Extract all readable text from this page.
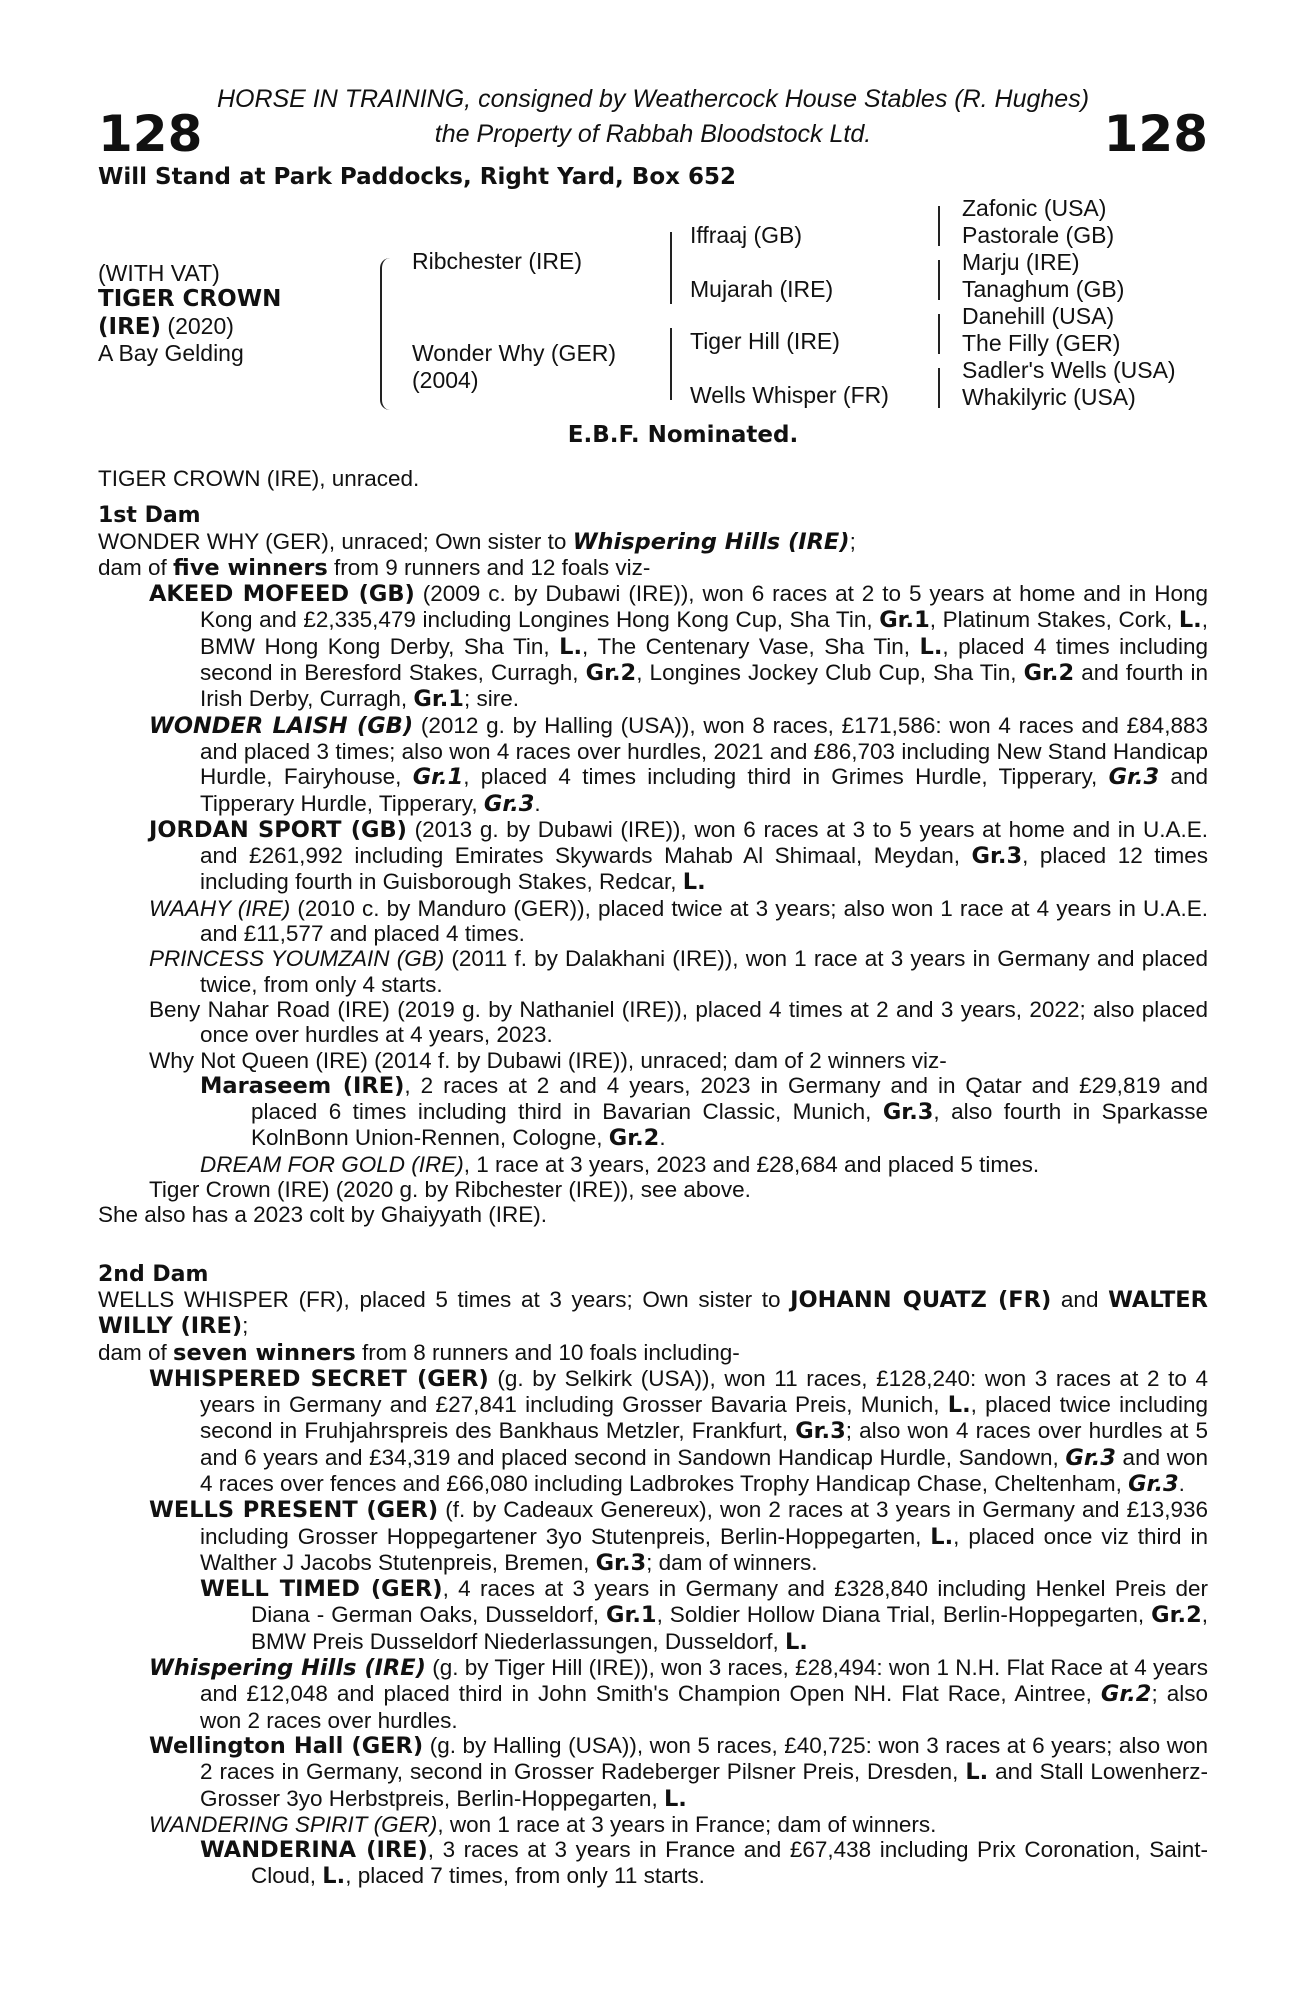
HORSE IN TRAINING, consigned by Weathercock House Stables (R. Hughes)
128	the Property of Rabbah Bloodstock Ltd.	128
Will Stand at Park Paddocks, Right Yard, Box 652
(WITH VAT)
TIGER CROWN
(IRE) (2020)
A Bay Gelding
Ribchester (IRE)
Wonder Why (GER)
(2004)
Iffraaj (GB)
Mujarah (IRE)
Tiger Hill (IRE)
Wells Whisper (FR)
Zafonic (USA)
Pastorale (GB)
Marju (IRE)
Tanaghum (GB)
Danehill (USA)
The Filly (GER)
Sadler's Wells (USA)
Whakilyric (USA)
E.B.F. Nominated.

TIGER CROWN (IRE), unraced.

1st Dam

WONDER WHY (GER), unraced; Own sister to Whispering Hills (IRE);

dam of five winners from 9 runners and 12 foals viz-

AKEED MOFEED (GB) (2009 c. by Dubawi (IRE)), won 6 races at 2 to 5 years at home and in Hong Kong and £2,335,479 including Longines Hong Kong Cup, Sha Tin, Gr.1, Platinum Stakes, Cork, L., BMW Hong Kong Derby, Sha Tin, L., The Centenary Vase, Sha Tin, L., placed 4 times including second in Beresford Stakes, Curragh, Gr.2, Longines Jockey Club Cup, Sha Tin, Gr.2 and fourth in Irish Derby, Curragh, Gr.1; sire.

WONDER LAISH (GB) (2012 g. by Halling (USA)), won 8 races, £171,586: won 4 races and £84,883 and placed 3 times; also won 4 races over hurdles, 2021 and £86,703 including New Stand Handicap Hurdle, Fairyhouse, Gr.1, placed 4 times including third in Grimes Hurdle, Tipperary, Gr.3 and Tipperary Hurdle, Tipperary, Gr.3.

JORDAN SPORT (GB) (2013 g. by Dubawi (IRE)), won 6 races at 3 to 5 years at home and in U.A.E. and £261,992 including Emirates Skywards Mahab Al Shimaal, Meydan, Gr.3, placed 12 times including fourth in Guisborough Stakes, Redcar, L.

WAAHY (IRE) (2010 c. by Manduro (GER)), placed twice at 3 years; also won 1 race at 4 years in U.A.E. and £11,577 and placed 4 times.

PRINCESS YOUMZAIN (GB) (2011 f. by Dalakhani (IRE)), won 1 race at 3 years in Germany and placed twice, from only 4 starts.

Beny Nahar Road (IRE) (2019 g. by Nathaniel (IRE)), placed 4 times at 2 and 3 years, 2022; also placed once over hurdles at 4 years, 2023.

Why Not Queen (IRE) (2014 f. by Dubawi (IRE)), unraced; dam of 2 winners viz-

Maraseem (IRE), 2 races at 2 and 4 years, 2023 in Germany and in Qatar and £29,819 and placed 6 times including third in Bavarian Classic, Munich, Gr.3, also fourth in Sparkasse KolnBonn Union-Rennen, Cologne, Gr.2.

DREAM FOR GOLD (IRE), 1 race at 3 years, 2023 and £28,684 and placed 5 times.

Tiger Crown (IRE) (2020 g. by Ribchester (IRE)), see above.

She also has a 2023 colt by Ghaiyyath (IRE).

2nd Dam

WELLS WHISPER (FR), placed 5 times at 3 years; Own sister to JOHANN QUATZ (FR) and WALTER WILLY (IRE);

dam of seven winners from 8 runners and 10 foals including-

WHISPERED SECRET (GER) (g. by Selkirk (USA)), won 11 races, £128,240: won 3 races at 2 to 4 years in Germany and £27,841 including Grosser Bavaria Preis, Munich, L., placed twice including second in Fruhjahrspreis des Bankhaus Metzler, Frankfurt, Gr.3; also won 4 races over hurdles at 5 and 6 years and £34,319 and placed second in Sandown Handicap Hurdle, Sandown, Gr.3 and won 4 races over fences and £66,080 including Ladbrokes Trophy Handicap Chase, Cheltenham, Gr.3.

WELLS PRESENT (GER) (f. by Cadeaux Genereux), won 2 races at 3 years in Germany and £13,936 including Grosser Hoppegartener 3yo Stutenpreis, Berlin-Hoppegarten, L., placed once viz third in Walther J Jacobs Stutenpreis, Bremen, Gr.3; dam of winners.

WELL TIMED (GER), 4 races at 3 years in Germany and £328,840 including Henkel Preis der Diana - German Oaks, Dusseldorf, Gr.1, Soldier Hollow Diana Trial, Berlin-Hoppegarten, Gr.2, BMW Preis Dusseldorf Niederlassungen, Dusseldorf, L.

Whispering Hills (IRE) (g. by Tiger Hill (IRE)), won 3 races, £28,494: won 1 N.H. Flat Race at 4 years and £12,048 and placed third in John Smith's Champion Open NH. Flat Race, Aintree, Gr.2; also won 2 races over hurdles.

Wellington Hall (GER) (g. by Halling (USA)), won 5 races, £40,725: won 3 races at 6 years; also won 2 races in Germany, second in Grosser Radeberger Pilsner Preis, Dresden, L. and Stall Lowenherz-Grosser 3yo Herbstpreis, Berlin-Hoppegarten, L.

WANDERING SPIRIT (GER), won 1 race at 3 years in France; dam of winners.

WANDERINA (IRE), 3 races at 3 years in France and £67,438 including Prix Coronation, Saint-Cloud, L., placed 7 times, from only 11 starts.
